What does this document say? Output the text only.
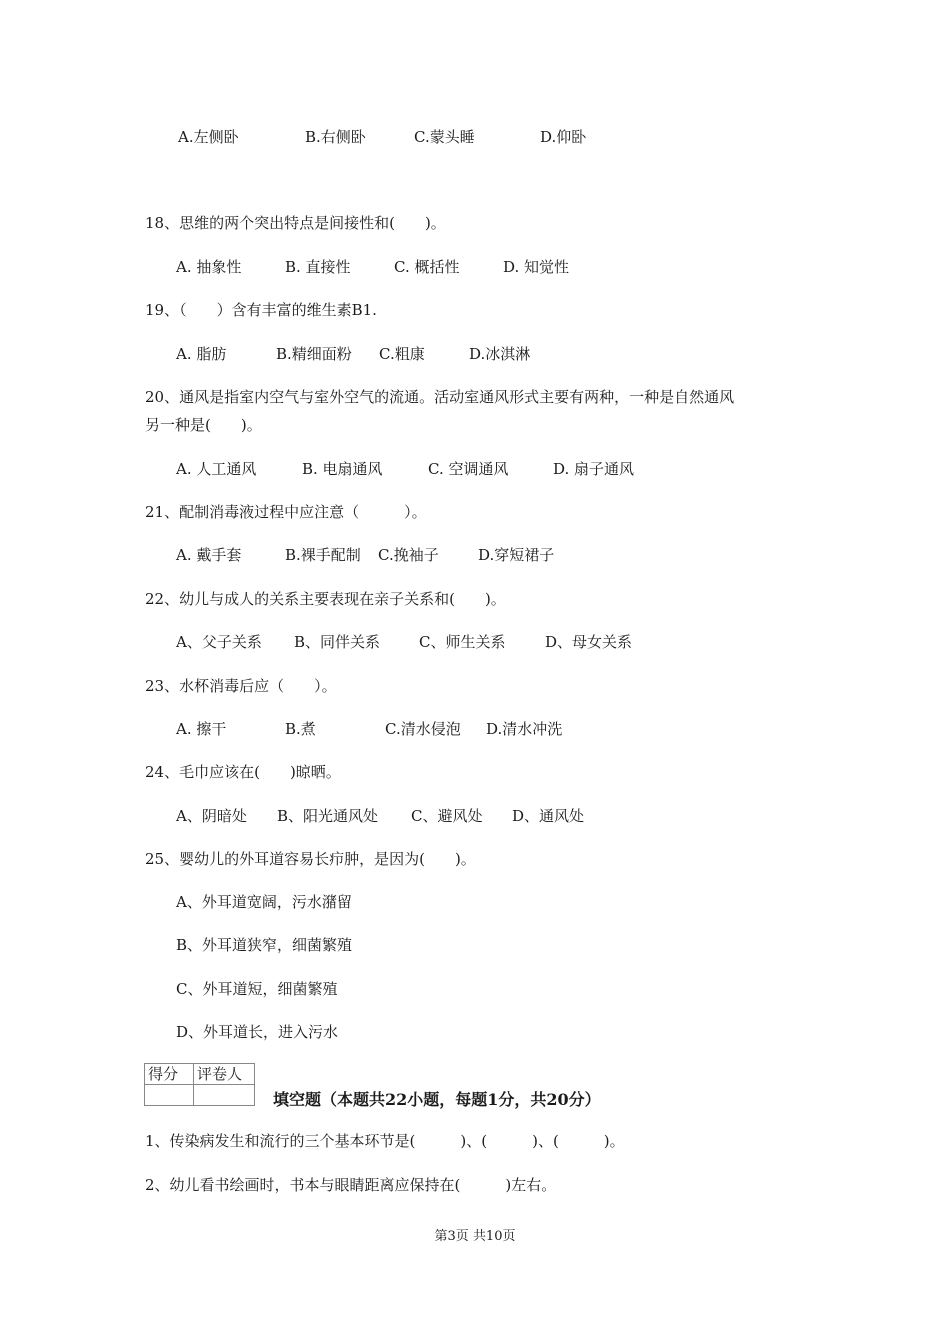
A.左侧卧	B.右侧卧	C.蒙头睡	D.仰卧
18、思维的两个突出特点是间接性和(　　)。
A. 抽象性	B. 直接性	C. 概括性	D. 知觉性
19、（　　）含有丰富的维生素B1.
A. 脂肪	B.精细面粉 C.粗康	D.冰淇淋
20、通风是指室内空气与室外空气的流通。活动室通风形式主要有两种，一种是自然通风
另一种是(　　)。
A. 人工通风	B. 电扇通风	C. 空调通风	D. 扇子通风
21、配制消毒液过程中应注意（　　　）。
A. 戴手套	B.裸手配制 C.挽袖子	D.穿短裙子
22、幼儿与成人的关系主要表现在亲子关系和(　　)。
A、父子关系 B、同伴关系	C、师生关系	D、母女关系
23、水杯消毒后应（　　）。
A. 擦干	B.煮	C.清水侵泡 D.清水冲洗
24、毛巾应该在(　　)晾晒。
A、阴暗处 B、阳光通风处 C、避风处 D、通风处
25、婴幼儿的外耳道容易长疖肿，是因为(　　)。
A、外耳道宽阔，污水潴留
B、外耳道狭窄，细菌繁殖
C、外耳道短，细菌繁殖
D、外耳道长，进入污水
得分	评卷人

填空题（本题共22小题，每题1分，共20分）
1、传染病发生和流行的三个基本环节是(　　　)、(　　　)、(　　　)。
2、幼儿看书绘画时，书本与眼睛距离应保持在(　　　)左右。
第3页 共10页
